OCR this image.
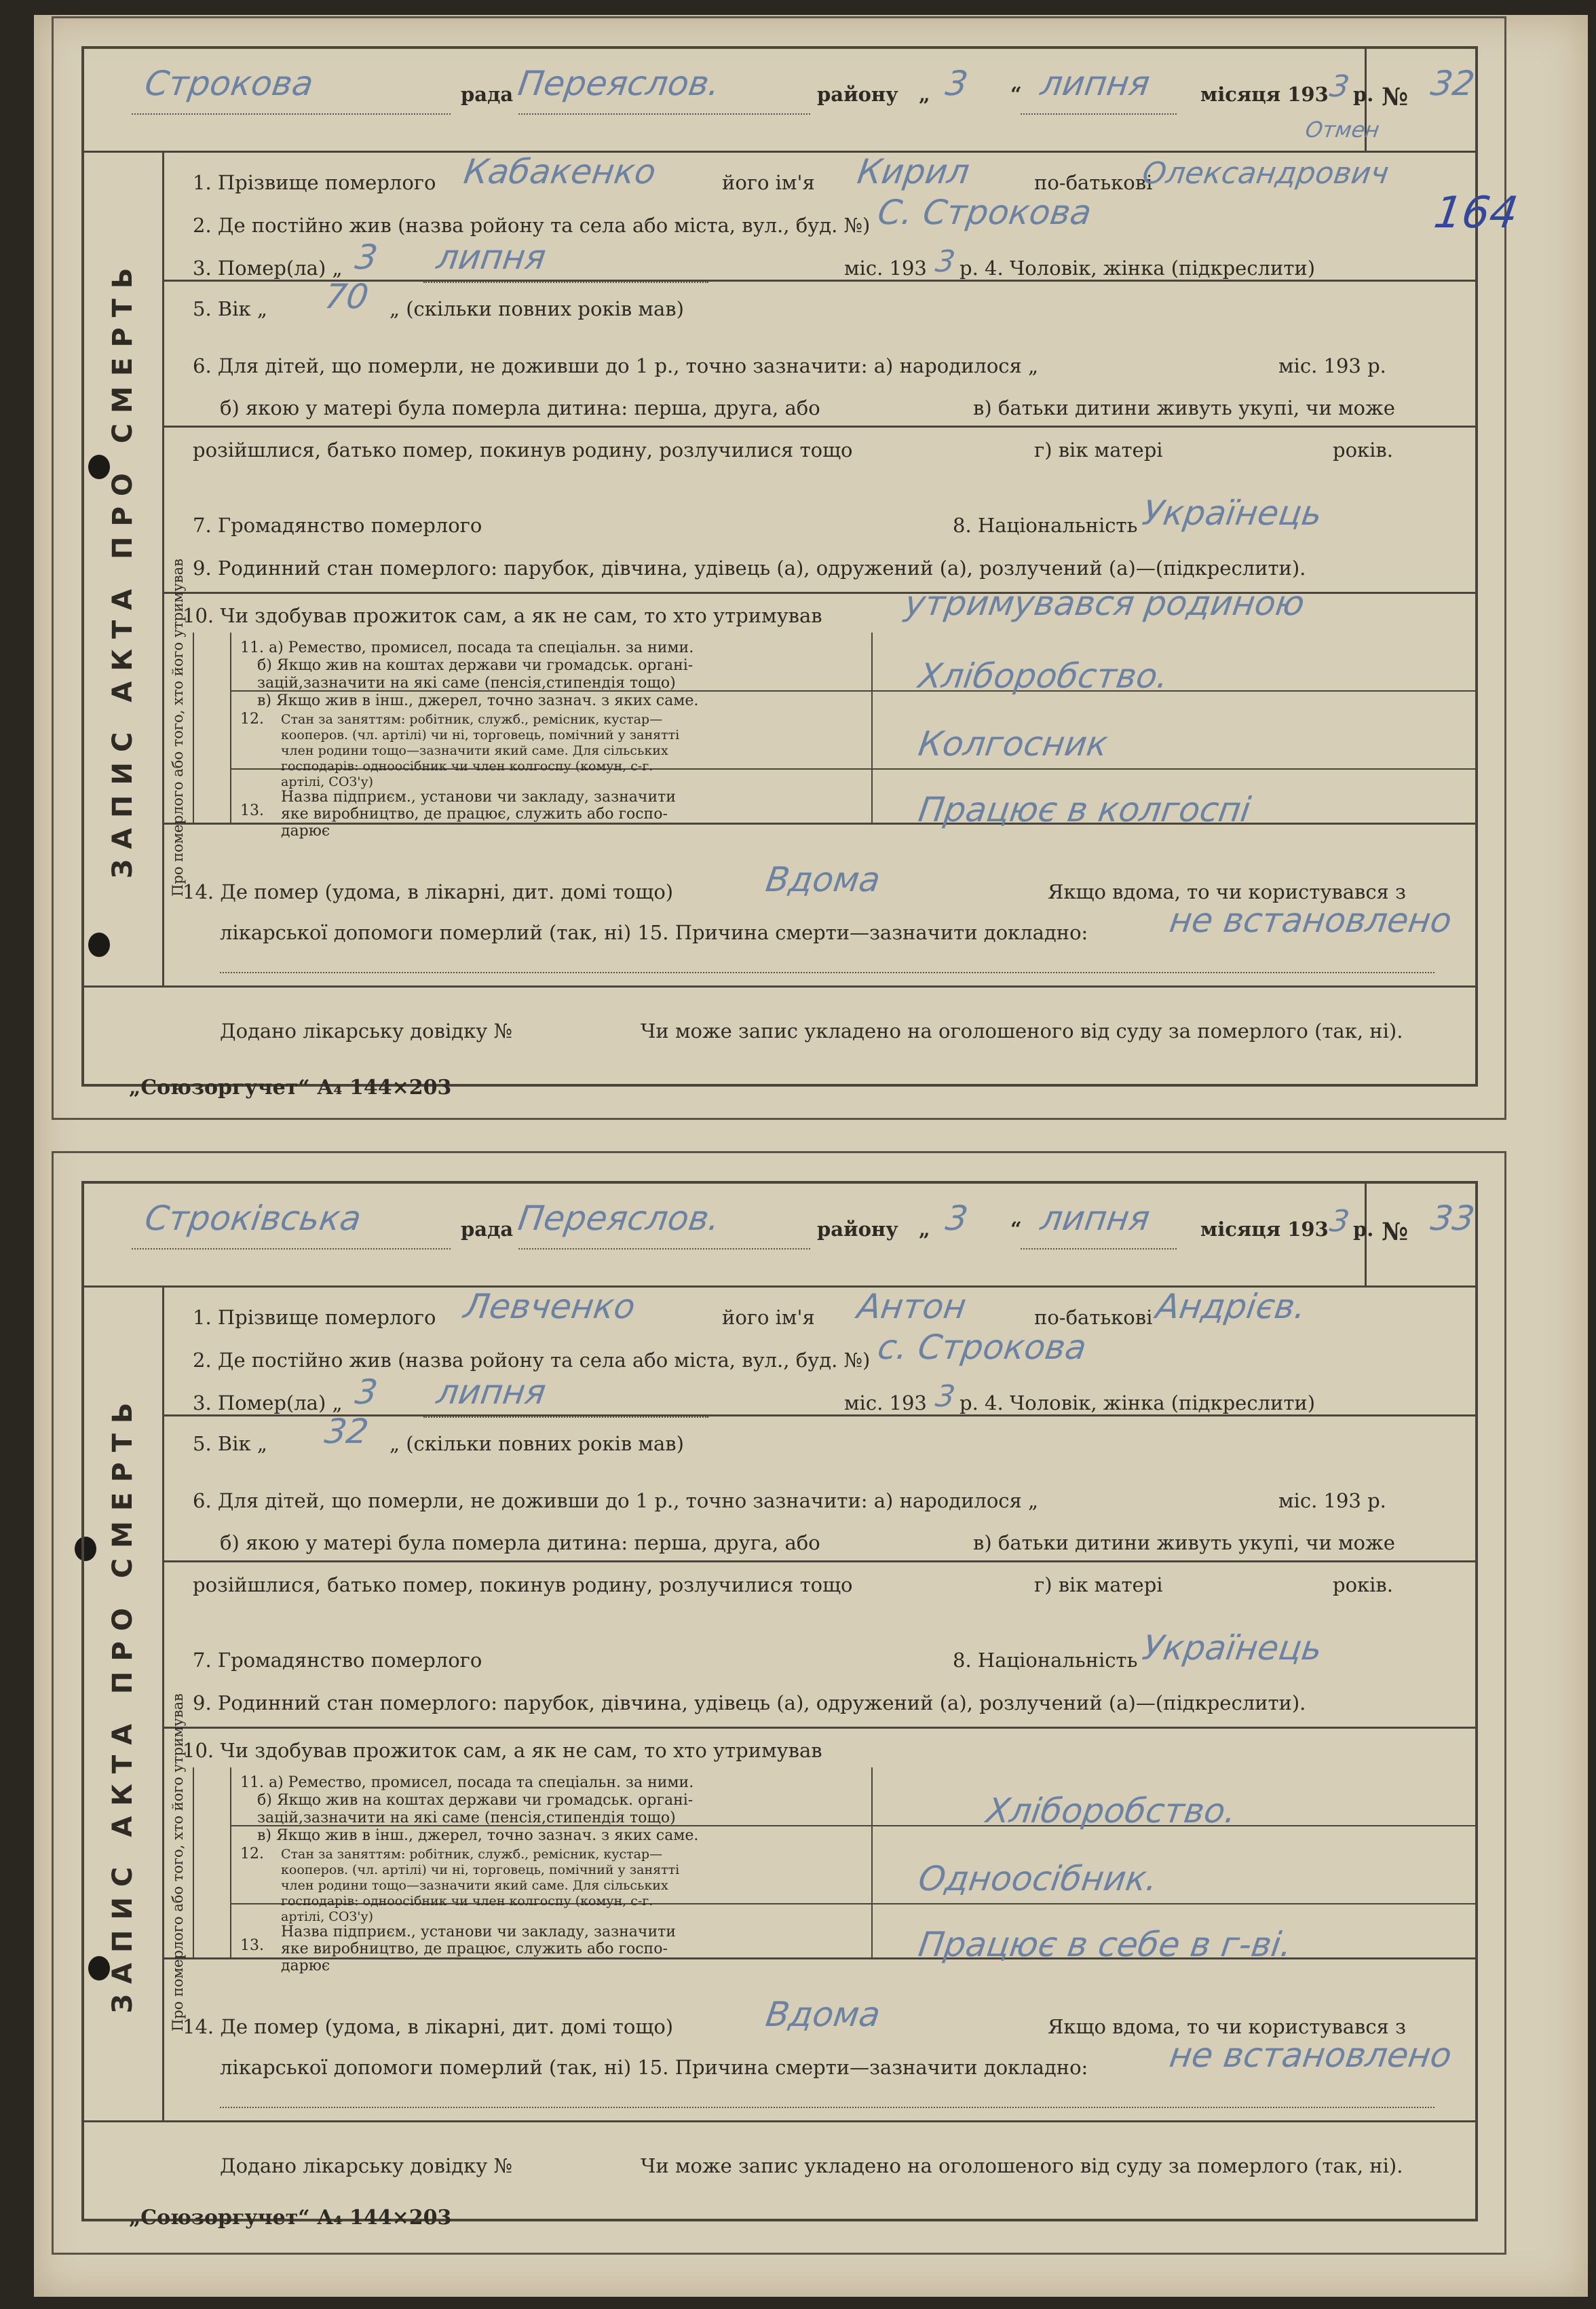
ЗАПИС АКТА ПРО СМЕРТЬ
Строкова	рада Переяслов.	району „ 3 “ липня місяця 193
3 р. № 32
1. Прізвище померлого Кабакенко	його ім'я Кирил	по-батькові
Олександрович
Отмен
164
2. Де постійно жив (назва ройону та села або міста, вул., буд. №) С. Строкова
3. Помер(ла) „ 3 липня	міс. 193 3 р. 4. Чоловік, жінка (підкреслити)
5. Вік „ 70 „ (скільки повних років мав)
6. Для дітей, що померли, не доживши до 1 р., точно зазначити: а) народилося „	міс. 193 р.
б) якою у матері була померла дитина: перша, друга, або	в) батьки дитини живуть укупі, чи може
розійшлися, батько помер, покинув родину, розлучилися тощо	г) вік матері	років.
7. Громадянство померлого	8. Національність Українець
9. Родинний стан померлого: парубок, дівчина, удівець (а), одружений (а), розлучений (а)—(підкреслити).
10. Чи здобував прожиток сам, а як не сам, то хто утримував утримувався родиною
Про померлого або того, хто його утримував	11. а) Ремество, промисел, посада та спеціальн. за ними.
б) Якщо жив на коштах держави чи громадськ. органі-
зацій,зазначити на які саме (пенсія,стипендія тощо)
в) Якщо жив в інш., джерел, точно зазнач. з яких саме.
Хліборобство.
12. Стан за заняттям: робітник, служб., ремісник, кустар—
кооперов. (чл. артілі) чи ні, торговець, помічний у занятті
член родини тощо—зазначити який саме. Для сільських
господарів: одноосібник чи член колгоспу (комун, с-г.
артілі, СОЗ'у)
Колгосник
13.
Назва підприєм., установи чи закладу, зазначити
яке виробництво, де працює, служить або госпо-
дарює
Працює в колгоспі
14. Де помер (удома, в лікарні, дит. домі тощо)	Вдома	Якщо вдома, то чи користувався з
лікарської допомоги померлий (так, ні) 15. Причина смерти—зазначити докладно: не встановлено
Додано лікарську довідку №	Чи може запис укладено на оголошеного від суду за померлого (так, ні).
„Союзоргучет“ А₄ 144×203
ЗАПИС АКТА ПРО СМЕРТЬ
Строківська	рада Переяслов.	району „ 3 “ липня місяця 193
3 р. № 33
1. Прізвище померлого Левченко	його ім'я Антон	по-батькові Андрієв.
2. Де постійно жив (назва ройону та села або міста, вул., буд. №) с. Строкова
3. Помер(ла) „ 3 липня	міс. 193 3 р. 4. Чоловік, жінка (підкреслити)
5. Вік „ 32 „ (скільки повних років мав)
6. Для дітей, що померли, не доживши до 1 р., точно зазначити: а) народилося „	міс. 193 р.
б) якою у матері була померла дитина: перша, друга, або	в) батьки дитини живуть укупі, чи може
розійшлися, батько помер, покинув родину, розлучилися тощо	г) вік матері	років.
7. Громадянство померлого	8. Національність Українець
9. Родинний стан померлого: парубок, дівчина, удівець (а), одружений (а), розлучений (а)—(підкреслити).
10. Чи здобував прожиток сам, а як не сам, то хто утримував
Про померлого або того, хто його утримував	11. а) Ремество, промисел, посада та спеціальн. за ними.
б) Якщо жив на коштах держави чи громадськ. органі-
зацій,зазначити на які саме (пенсія,стипендія тощо)
в) Якщо жив в інш., джерел, точно зазнач. з яких саме.
Хліборобство.
12. Стан за заняттям: робітник, служб., ремісник, кустар—
кооперов. (чл. артілі) чи ні, торговець, помічний у занятті
член родини тощо—зазначити який саме. Для сільських
господарів: одноосібник чи член колгоспу (комун, с-г.
артілі, СОЗ'у)
Одноосібник.
13.
Назва підприєм., установи чи закладу, зазначити
яке виробництво, де працює, служить або госпо-
дарює
Працює в себе в г-ві.
14. Де помер (удома, в лікарні, дит. домі тощо)	Вдома	Якщо вдома, то чи користувався з
лікарської допомоги померлий (так, ні) 15. Причина смерти—зазначити докладно: не встановлено
Додано лікарську довідку №	Чи може запис укладено на оголошеного від суду за померлого (так, ні).
„Союзоргучет“ А₄ 144×203
